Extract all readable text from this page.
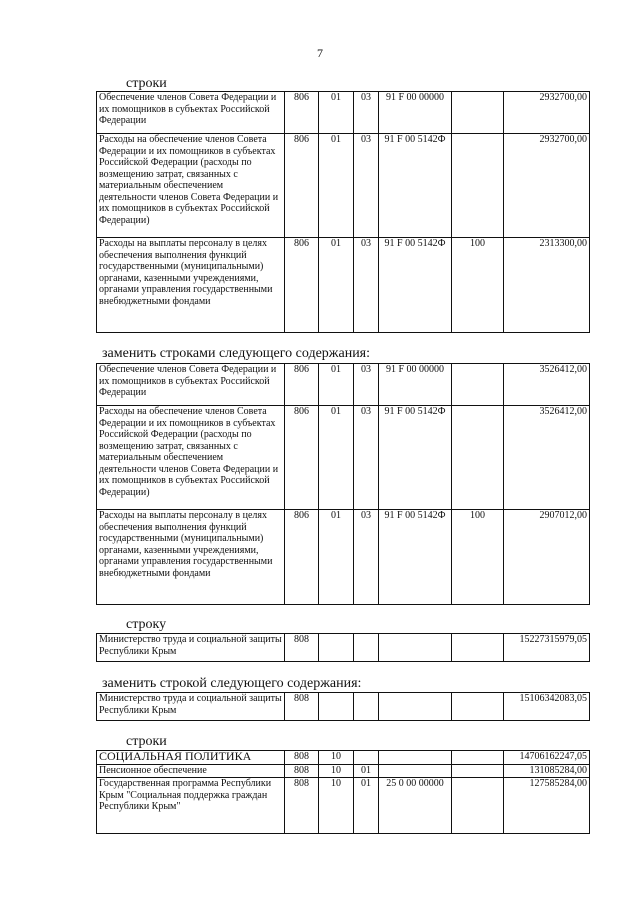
7
строки
Обеспечение членов Совета Федерации и их помощников в субъектах Российской Федерации	806	01	03	91 F 00 00000		2932700,00
Расходы на обеспечение членов Совета Федерации и их помощников в субъектах Российской Федерации (расходы по возмещению затрат, связанных с материальным обеспечением деятельности членов Совета Федерации и их помощников в субъектах Российской Федерации)	806	01	03	91 F 00 5142Ф		2932700,00
Расходы на выплаты персоналу в целях обеспечения выполнения функций государственными (муниципальными) органами, казенными учреждениями, органами управления государственными внебюджетными фондами	806	01	03	91 F 00 5142Ф	100	2313300,00
заменить строками следующего содержания:
Обеспечение членов Совета Федерации и их помощников в субъектах Российской Федерации	806	01	03	91 F 00 00000		3526412,00
Расходы на обеспечение членов Совета Федерации и их помощников в субъектах Российской Федерации (расходы по возмещению затрат, связанных с материальным обеспечением деятельности членов Совета Федерации и их помощников в субъектах Российской Федерации)	806	01	03	91 F 00 5142Ф		3526412,00
Расходы на выплаты персоналу в целях обеспечения выполнения функций государственными (муниципальными) органами, казенными учреждениями, органами управления государственными внебюджетными фондами	806	01	03	91 F 00 5142Ф	100	2907012,00
строку
Министерство труда и социальной защиты Республики Крым	808					15227315979,05
заменить строкой следующего содержания:
Министерство труда и социальной защиты Республики Крым	808					15106342083,05
строки
СОЦИАЛЬНАЯ ПОЛИТИКА	808	10				14706162247,05
Пенсионное обеспечение	808	10	01			131085284,00
Государственная программа Республики Крым "Социальная поддержка граждан Республики Крым"	808	10	01	25 0 00 00000		127585284,00
